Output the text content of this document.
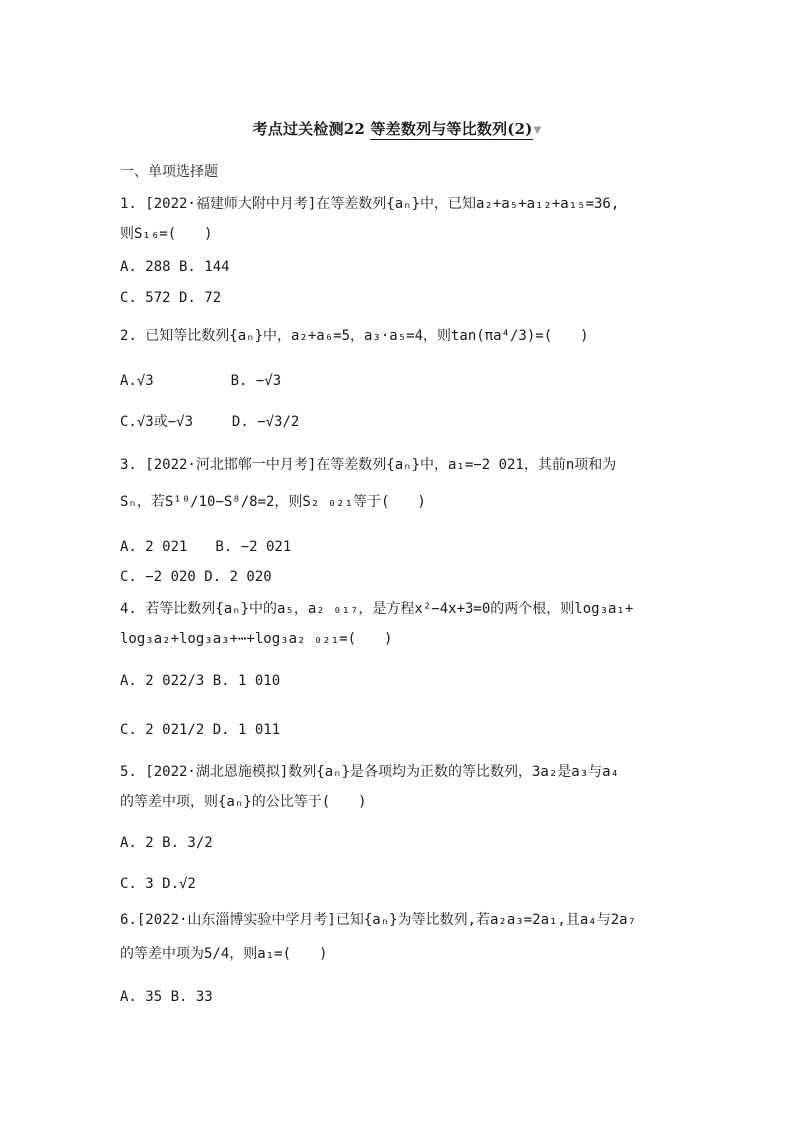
考点过关检测22 等差数列与等比数列(2)▼
一、单项选择题
1. [2022·福建师大附中月考]在等差数列{aₙ}中，已知a₂+a₅+a₁₂+a₁₅=36,
则S₁₆=(　　)
A. 288 B. 144
C. 572 D. 72
2. 已知等比数列{aₙ}中，a₂+a₆=5，a₃·a₅=4，则tan(πa⁴/3)=(　　)
A.√3	B. −√3
C.√3或−√3	D. −√3/2
3. [2022·河北邯郸一中月考]在等差数列{aₙ}中，a₁=−2 021，其前n项和为
Sₙ，若S¹⁰/10−S⁸/8=2，则S₂ ₀₂₁等于(　　)
A. 2 021　　B. −2 021
C. −2 020 D. 2 020
4. 若等比数列{aₙ}中的a₅，a₂ ₀₁₇，是方程x²−4x+3=0的两个根，则log₃a₁+
log₃a₂+log₃a₃+⋯+log₃a₂ ₀₂₁=(　　)
A. 2 022/3 B. 1 010
C. 2 021/2 D. 1 011
5. [2022·湖北恩施模拟]数列{aₙ}是各项均为正数的等比数列，3a₂是a₃与a₄
的等差中项，则{aₙ}的公比等于(　　)
A. 2 B. 3/2
C. 3 D.√2
6.[2022·山东淄博实验中学月考]已知{aₙ}为等比数列,若a₂a₃=2a₁,且a₄与2a₇
的等差中项为5/4，则a₁=(　　)
A. 35 B. 33
